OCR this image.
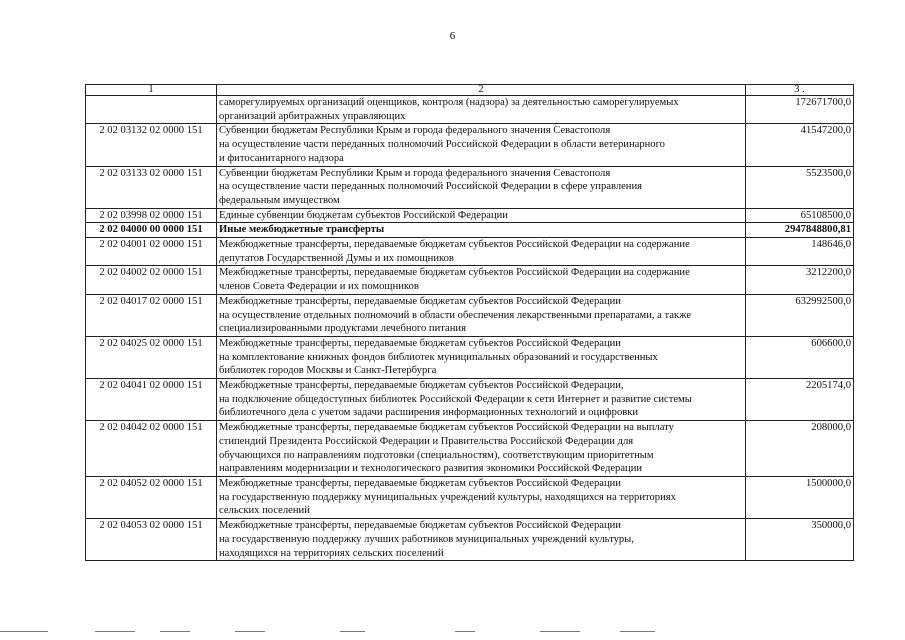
6
1	2	3 .

	саморегулируемых организаций оценщиков, контроля (надзора) за деятельностью саморегулируемых
организаций арбитражных управляющих	172671700,0
2 02 03132 02 0000 151	Субвенции бюджетам Республики Крым и города федерального значения Севастополя
на осуществление части переданных полномочий Российской Федерации в области ветеринарного
и фитосанитарного надзора	41547200,0
2 02 03133 02 0000 151	Субвенции бюджетам Республики Крым и города федерального значения Севастополя
на осуществление части переданных полномочий Российской Федерации в сфере управления
федеральным имуществом	5523500,0
2 02 03998 02 0000 151	Единые субвенции бюджетам субъектов Российской Федерации	65108500,0
2 02 04000 00 0000 151	Иные межбюджетные трансферты	2947848800,81
2 02 04001 02 0000 151	Межбюджетные трансферты, передаваемые бюджетам субъектов Российской Федерации на содержание
депутатов Государственной Думы и их помощников	148646,0
2 02 04002 02 0000 151	Межбюджетные трансферты, передаваемые бюджетам субъектов Российской Федерации на содержание
членов Совета Федерации и их помощников	3212200,0
2 02 04017 02 0000 151	Межбюджетные трансферты, передаваемые бюджетам субъектов Российской Федерации
на осуществление отдельных полномочий в области обеспечения лекарственными препаратами, а также
специализированными продуктами лечебного питания	632992500,0
2 02 04025 02 0000 151	Межбюджетные трансферты, передаваемые бюджетам субъектов Российской Федерации
на комплектование книжных фондов библиотек муниципальных образований и государственных
библиотек городов Москвы и Санкт-Петербурга	606600,0
2 02 04041 02 0000 151	Межбюджетные трансферты, передаваемые бюджетам субъектов Российской Федерации,
на подключение общедоступных библиотек Российской Федерации к сети Интернет и развитие системы
библиотечного дела с учетом задачи расширения информационных технологий и оцифровки	2205174,0
2 02 04042 02 0000 151	Межбюджетные трансферты, передаваемые бюджетам субъектов Российской Федерации на выплату
стипендий Президента Российской Федерации и Правительства Российской Федерации для
обучающихся по направлениям подготовки (специальностям), соответствующим приоритетным
направлениям модернизации и технологического развития экономики Российской Федерации	208000,0
2 02 04052 02 0000 151	Межбюджетные трансферты, передаваемые бюджетам субъектов Российской Федерации
на государственную поддержку муниципальных учреждений культуры, находящихся на территориях
сельских поселений	1500000,0
2 02 04053 02 0000 151	Межбюджетные трансферты, передаваемые бюджетам субъектов Российской Федерации
на государственную поддержку лучших работников муниципальных учреждений культуры,
находящихся на территориях сельских поселений	350000,0
